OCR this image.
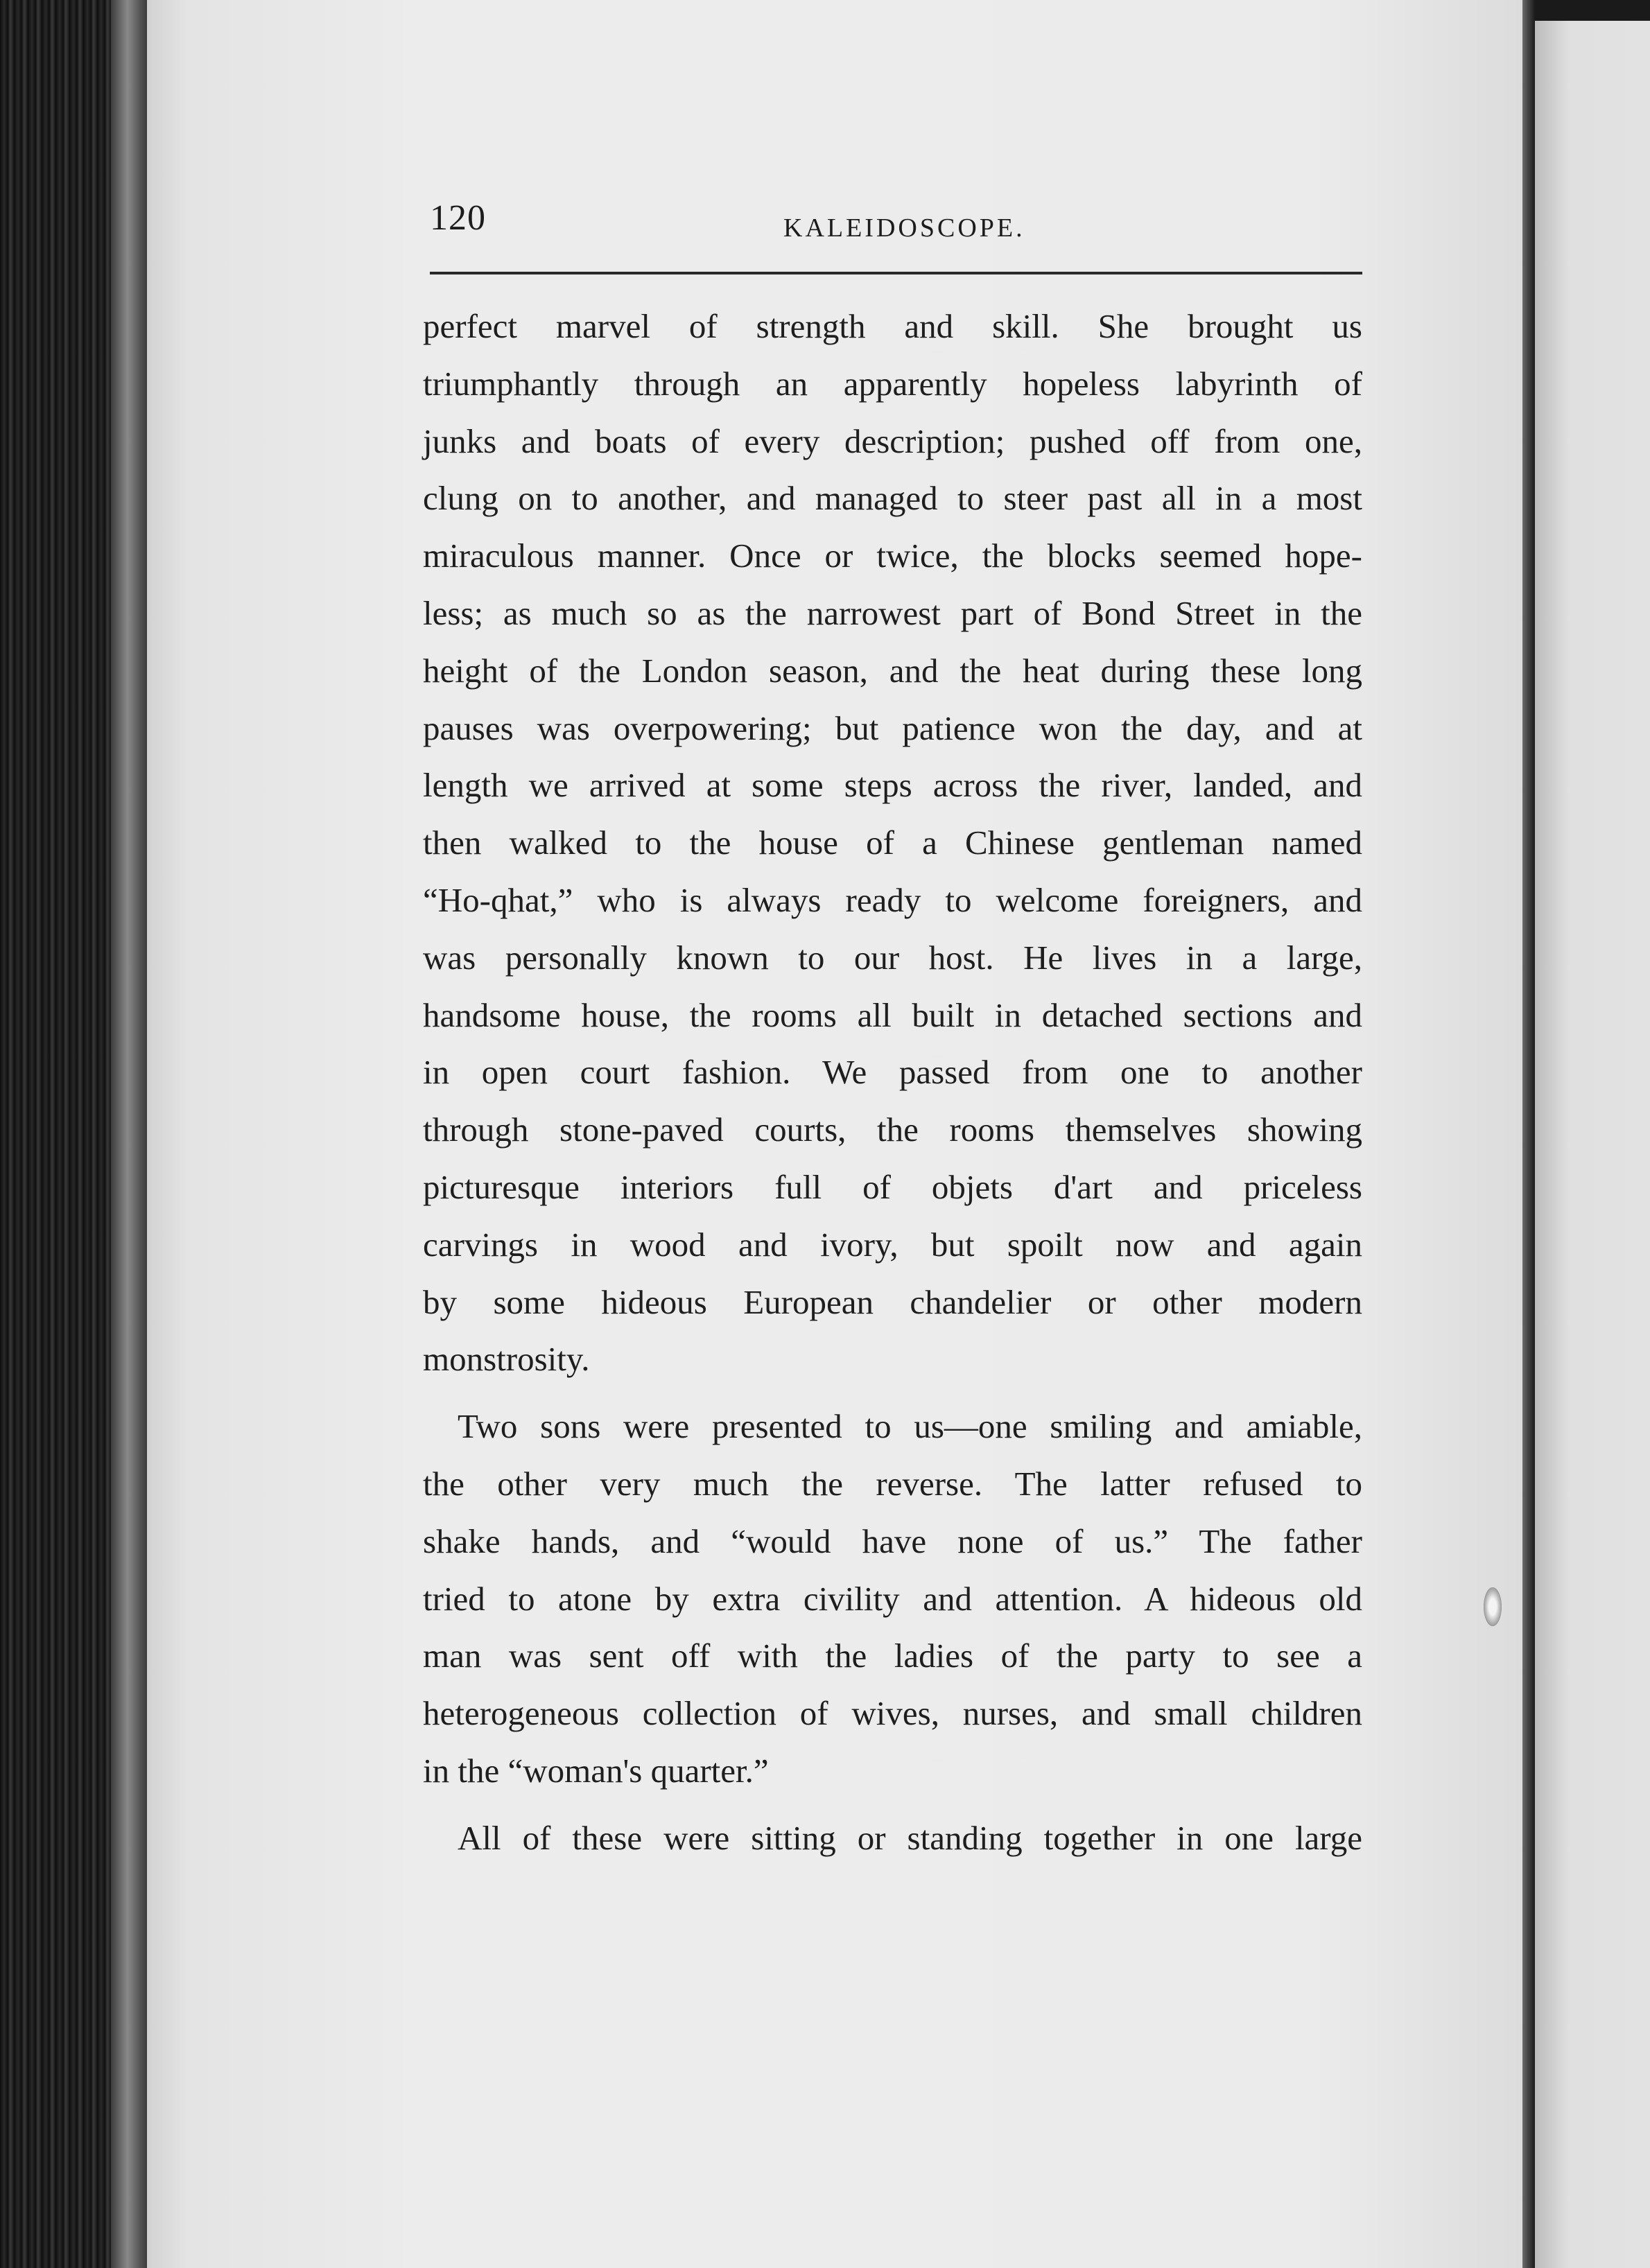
120	KALEIDOSCOPE.
perfect marvel of strength and skill. She brought us
triumphantly through an apparently hopeless labyrinth of
junks and boats of every description; pushed off from one,
clung on to another, and managed to steer past all in a most
miraculous manner. Once or twice, the blocks seemed hope-
less; as much so as the narrowest part of Bond Street in the
height of the London season, and the heat during these long
pauses was overpowering; but patience won the day, and at
length we arrived at some steps across the river, landed, and
then walked to the house of a Chinese gentleman named
“Ho-qhat,” who is always ready to welcome foreigners, and
was personally known to our host. He lives in a large,
handsome house, the rooms all built in detached sections and
in open court fashion. We passed from one to another
through stone-paved courts, the rooms themselves showing
picturesque interiors full of objets d'art and priceless
carvings in wood and ivory, but spoilt now and again
by some hideous European chandelier or other modern
monstrosity.
Two sons were presented to us—one smiling and amiable,
the other very much the reverse. The latter refused to
shake hands, and “would have none of us.” The father
tried to atone by extra civility and attention. A hideous old
man was sent off with the ladies of the party to see a
heterogeneous collection of wives, nurses, and small children
in the “woman's quarter.”
All of these were sitting or standing together in one large
